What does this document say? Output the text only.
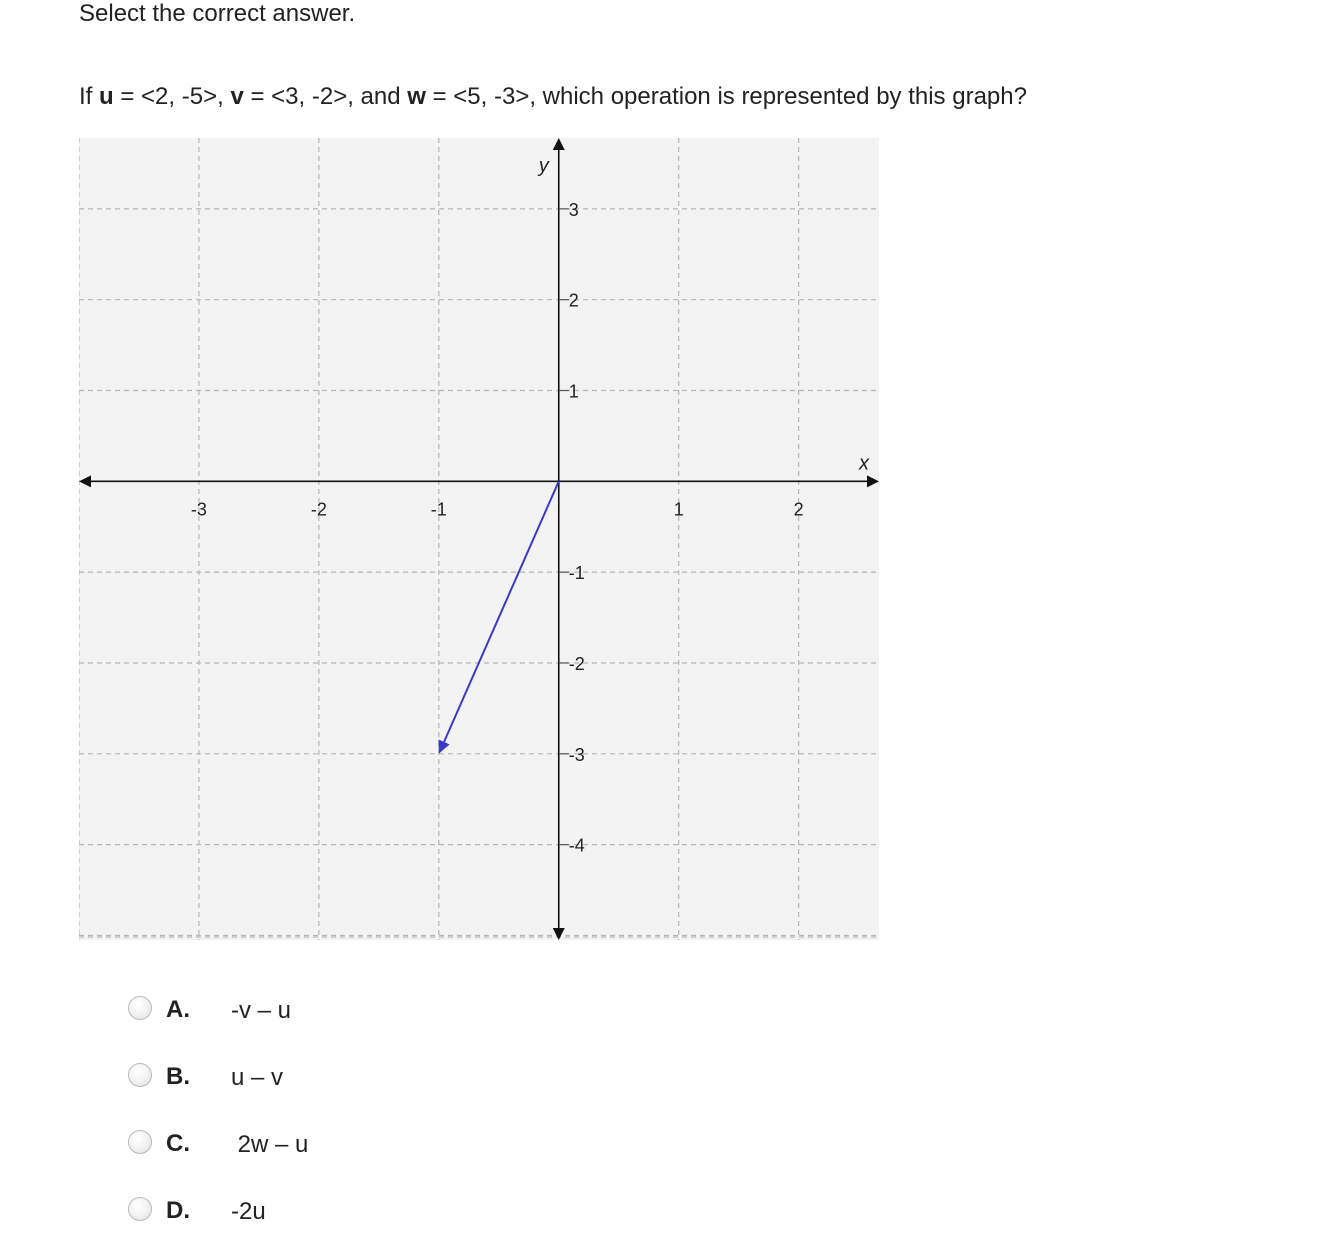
Select the correct answer.
If u = <2, -5>, v = <3, -2>, and w = <5, -3>, which operation is represented by this graph?
x
y
-3	-2	-1	1	2
3
2
1
-1
-2
-3
-4
A. -v – u
B. u – v
C. 2w – u
D. -2u
